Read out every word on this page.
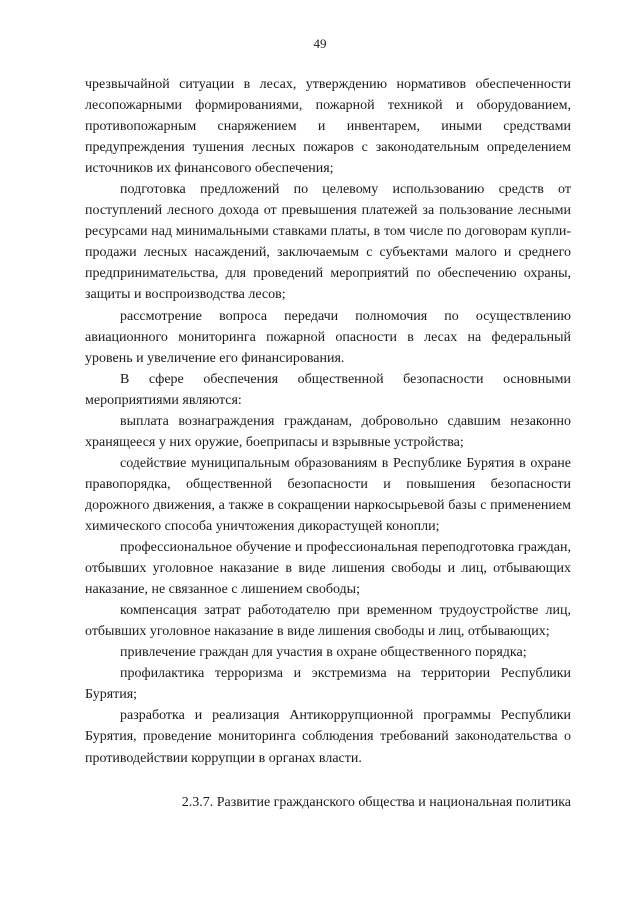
49

чрезвычайной ситуации в лесах, утверждению нормативов обеспеченности лесопожарными формированиями, пожарной техникой и оборудованием, противопожарным снаряжением и инвентарем, иными средствами предупреждения тушения лесных пожаров с законодательным определением источников их финансового обеспечения;

подготовка предложений по целевому использованию средств от поступлений лесного дохода от превышения платежей за пользование лесными ресурсами над минимальными ставками платы, в том числе по договорам купли-продажи лесных насаждений, заключаемым с субъектами малого и среднего предпринимательства, для проведений мероприятий по обеспечению охраны, защиты и воспроизводства лесов;

рассмотрение вопроса передачи полномочия по осуществлению авиационного мониторинга пожарной опасности в лесах на федеральный уровень и увеличение его финансирования.

В сфере обеспечения общественной безопасности основными мероприятиями являются:

выплата вознаграждения гражданам, добровольно сдавшим незаконно хранящееся у них оружие, боеприпасы и взрывные устройства;

содействие муниципальным образованиям в Республике Бурятия в охране правопорядка, общественной безопасности и повышения безопасности дорожного движения, а также в сокращении наркосырьевой базы с применением химического способа уничтожения дикорастущей конопли;

профессиональное обучение и профессиональная переподготовка граждан, отбывших уголовное наказание в виде лишения свободы и лиц, отбывающих наказание, не связанное с лишением свободы;

компенсация затрат работодателю при временном трудоустройстве лиц, отбывших уголовное наказание в виде лишения свободы и лиц, отбывающих;

привлечение граждан для участия в охране общественного порядка;

профилактика терроризма и экстремизма на территории Республики Бурятия;

разработка и реализация Антикоррупционной программы Республики Бурятия, проведение мониторинга соблюдения требований законодательства о противодействии коррупции в органах власти.

2.3.7. Развитие гражданского общества и национальная политика
